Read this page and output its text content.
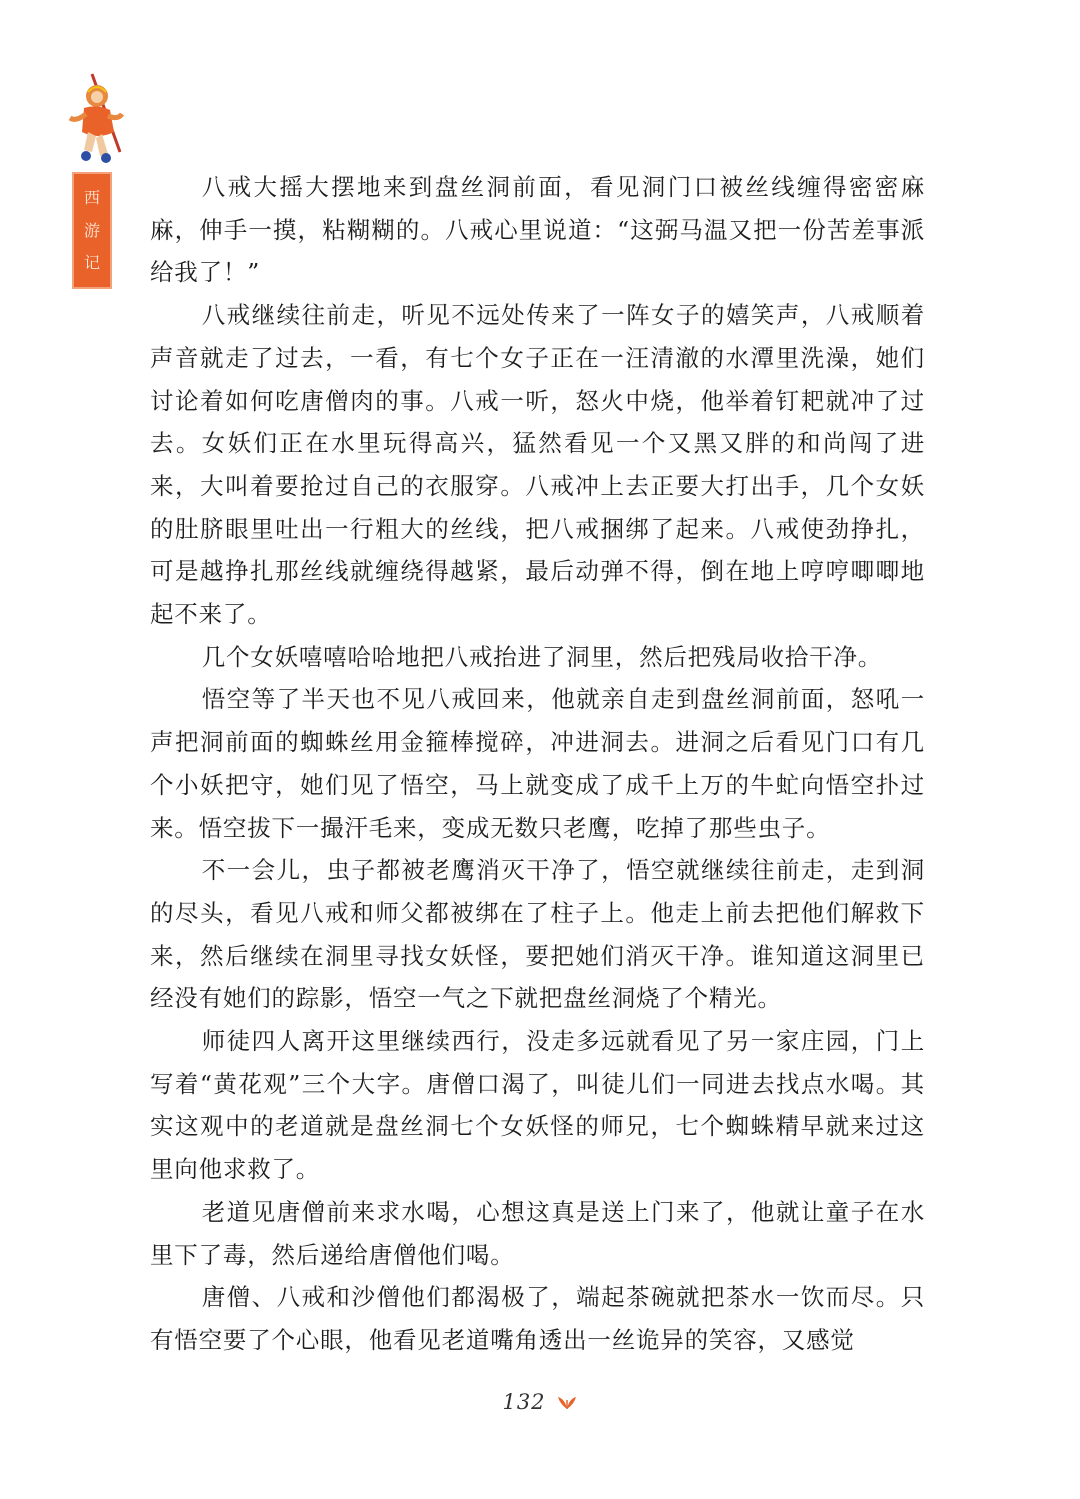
西
游
记

八戒大摇大摆地来到盘丝洞前面，看见洞门口被丝线缠得密密麻麻，伸手一摸，粘糊糊的。八戒心里说道：“这弼马温又把一份苦差事派给我了！”

八戒继续往前走，听见不远处传来了一阵女子的嬉笑声，八戒顺着声音就走了过去，一看，有七个女子正在一汪清澈的水潭里洗澡，她们讨论着如何吃唐僧肉的事。八戒一听，怒火中烧，他举着钉耙就冲了过去。女妖们正在水里玩得高兴，猛然看见一个又黑又胖的和尚闯了进来，大叫着要抢过自己的衣服穿。八戒冲上去正要大打出手，几个女妖的肚脐眼里吐出一行粗大的丝线，把八戒捆绑了起来。八戒使劲挣扎，可是越挣扎那丝线就缠绕得越紧，最后动弹不得，倒在地上哼哼唧唧地起不来了。

几个女妖嘻嘻哈哈地把八戒抬进了洞里，然后把残局收拾干净。

悟空等了半天也不见八戒回来，他就亲自走到盘丝洞前面，怒吼一声把洞前面的蜘蛛丝用金箍棒搅碎，冲进洞去。进洞之后看见门口有几个小妖把守，她们见了悟空，马上就变成了成千上万的牛虻向悟空扑过来。悟空拔下一撮汗毛来，变成无数只老鹰，吃掉了那些虫子。

不一会儿，虫子都被老鹰消灭干净了，悟空就继续往前走，走到洞的尽头，看见八戒和师父都被绑在了柱子上。他走上前去把他们解救下来，然后继续在洞里寻找女妖怪，要把她们消灭干净。谁知道这洞里已经没有她们的踪影，悟空一气之下就把盘丝洞烧了个精光。

师徒四人离开这里继续西行，没走多远就看见了另一家庄园，门上写着“黄花观”三个大字。唐僧口渴了，叫徒儿们一同进去找点水喝。其实这观中的老道就是盘丝洞七个女妖怪的师兄，七个蜘蛛精早就来过这里向他求救了。

老道见唐僧前来求水喝，心想这真是送上门来了，他就让童子在水里下了毒，然后递给唐僧他们喝。

唐僧、八戒和沙僧他们都渴极了，端起茶碗就把茶水一饮而尽。只有悟空要了个心眼，他看见老道嘴角透出一丝诡异的笑容，又感觉

132
